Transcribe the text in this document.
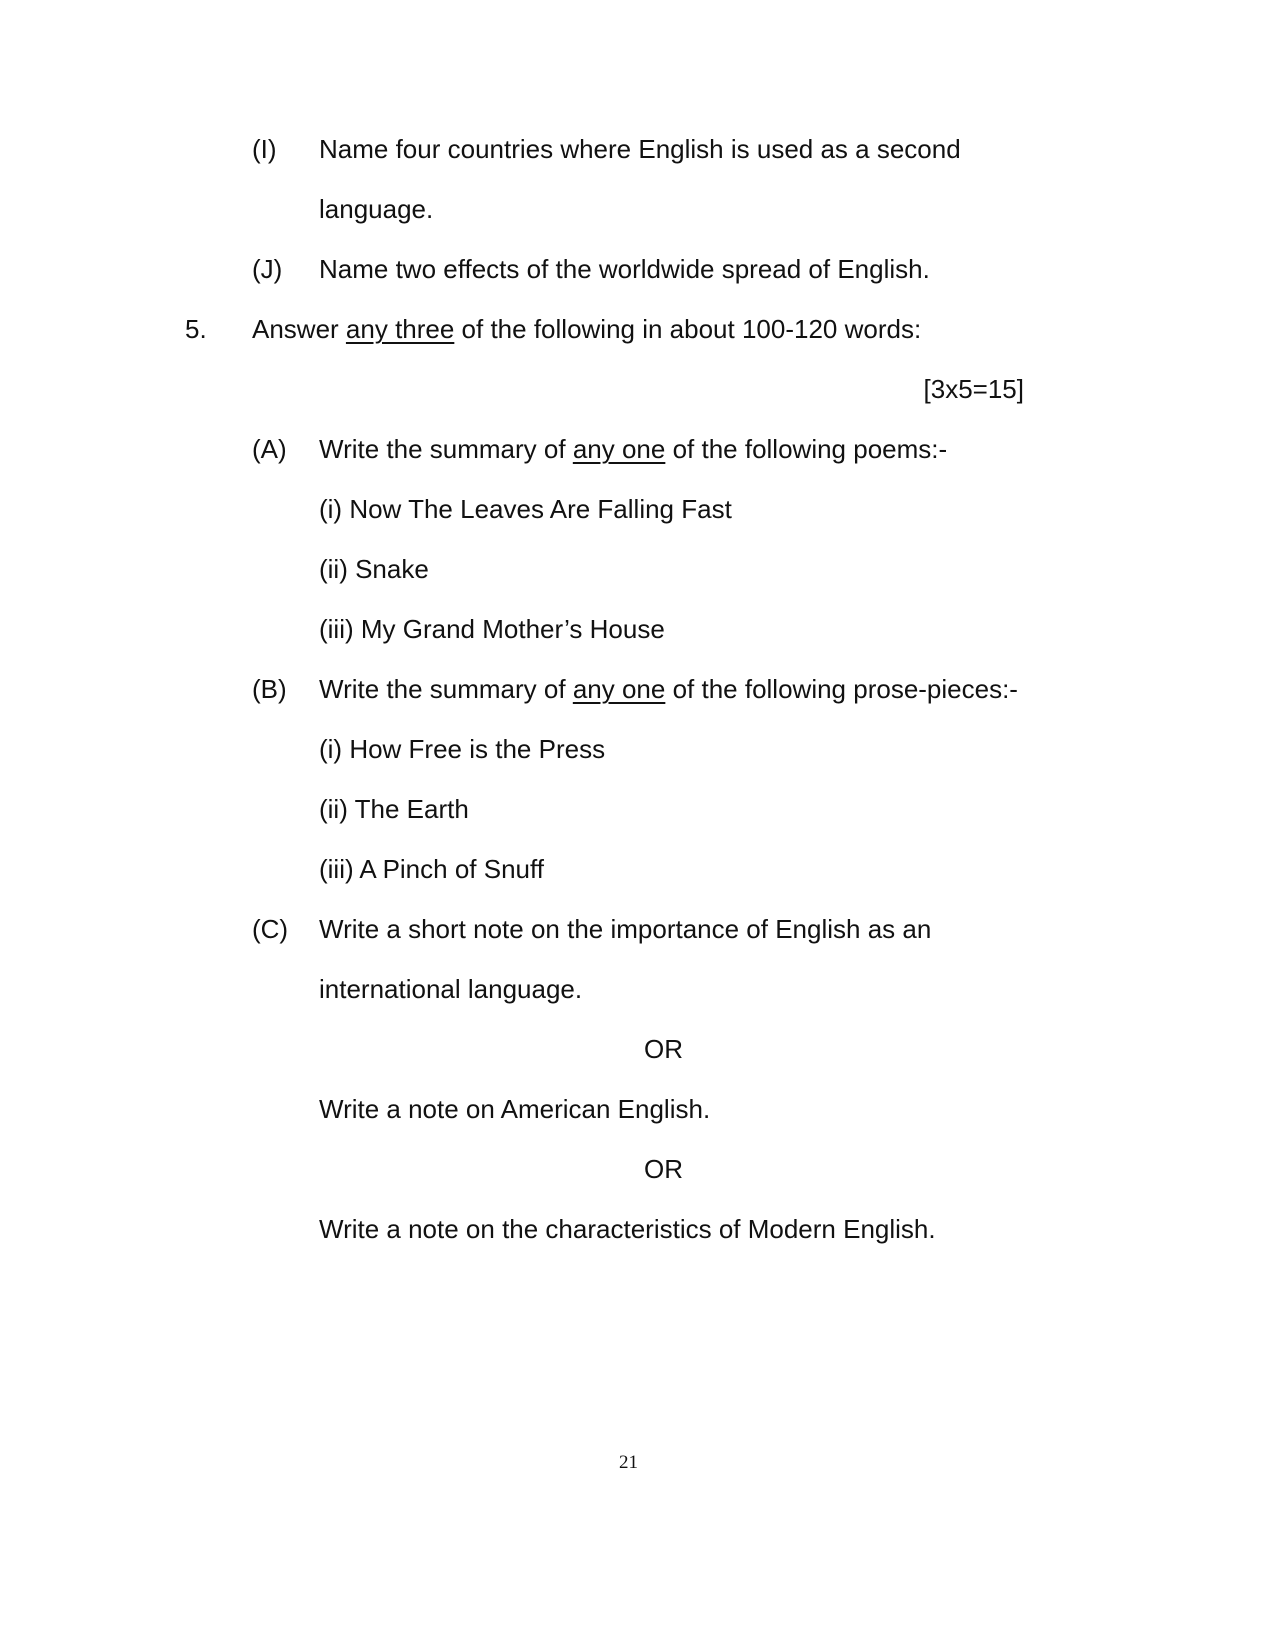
(I) Name four countries where English is used as a second
language.
(J) Name two effects of the worldwide spread of English.
5. Answer any three of the following in about 100-120 words:
[3x5=15]
(A) Write the summary of any one of the following poems:-
(i) Now The Leaves Are Falling Fast
(ii) Snake
(iii) My Grand Mother’s House
(B) Write the summary of any one of the following prose-pieces:-
(i) How Free is the Press
(ii) The Earth
(iii) A Pinch of Snuff
(C) Write a short note on the importance of English as an
international language.
OR
Write a note on American English.
OR
Write a note on the characteristics of Modern English.
21
